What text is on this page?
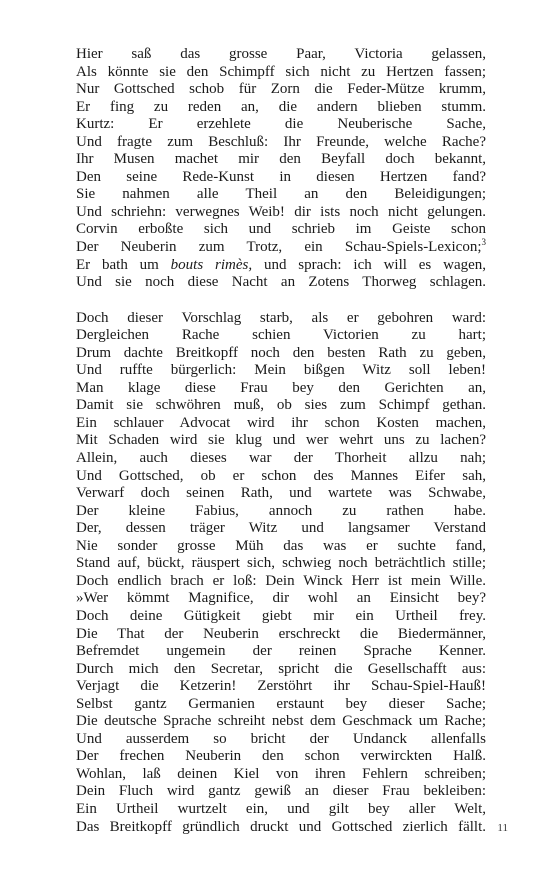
Hier saß das grosse Paar, Victoria gelassen,
Als könnte sie den Schimpff sich nicht zu Hertzen fassen;
Nur Gottsched schob für Zorn die Feder-Mütze krumm,
Er fing zu reden an, die andern blieben stumm.
Kurtz: Er erzehlete die Neuberische Sache,
Und fragte zum Beschluß: Ihr Freunde, welche Rache?
Ihr Musen machet mir den Beyfall doch bekannt,
Den seine Rede-Kunst in diesen Hertzen fand?
Sie nahmen alle Theil an den Beleidigungen;
Und schriehn: verwegnes Weib! dir ists noch nicht gelungen.
Corvin erboßte sich und schrieb im Geiste schon
Der Neuberin zum Trotz, ein Schau-Spiels-Lexicon;$^3$
Er bath um bouts rimès, und sprach: ich will es wagen,
Und sie noch diese Nacht an Zotens Thorweg schlagen.
Doch dieser Vorschlag starb, als er gebohren ward:
Dergleichen Rache schien Victorien zu hart;
Drum dachte Breitkopff noch den besten Rath zu geben,
Und ruffte bürgerlich: Mein bißgen Witz soll leben!
Man klage diese Frau bey den Gerichten an,
Damit sie schwöhren muß, ob sies zum Schimpf gethan.
Ein schlauer Advocat wird ihr schon Kosten machen,
Mit Schaden wird sie klug und wer wehrt uns zu lachen?
Allein, auch dieses war der Thorheit allzu nah;
Und Gottsched, ob er schon des Mannes Eifer sah,
Verwarf doch seinen Rath, und wartete was Schwabe,
Der kleine Fabius, annoch zu rathen habe.
Der, dessen träger Witz und langsamer Verstand
Nie sonder grosse Müh das was er suchte fand,
Stand auf, bückt, räuspert sich, schwieg noch beträchtlich stille;
Doch endlich brach er loß: Dein Winck Herr ist mein Wille.
»Wer kömmt Magnifice, dir wohl an Einsicht bey?
Doch deine Gütigkeit giebt mir ein Urtheil frey.
Die That der Neuberin erschreckt die Biedermänner,
Befremdet ungemein der reinen Sprache Kenner.
Durch mich den Secretar, spricht die Gesellschafft aus:
Verjagt die Ketzerin! Zerstöhrt ihr Schau-Spiel-Hauß!
Selbst gantz Germanien erstaunt bey dieser Sache;
Die deutsche Sprache schreiht nebst dem Geschmack um Rache;
Und ausserdem so bricht der Undanck allenfalls
Der frechen Neuberin den schon verwirckten Halß.
Wohlan, laß deinen Kiel von ihren Fehlern schreiben;
Dein Fluch wird gantz gewiß an dieser Frau bekleiben:
Ein Urtheil wurtzelt ein, und gilt bey aller Welt,
Das Breitkopff gründlich druckt und Gottsched zierlich fällt. 11
